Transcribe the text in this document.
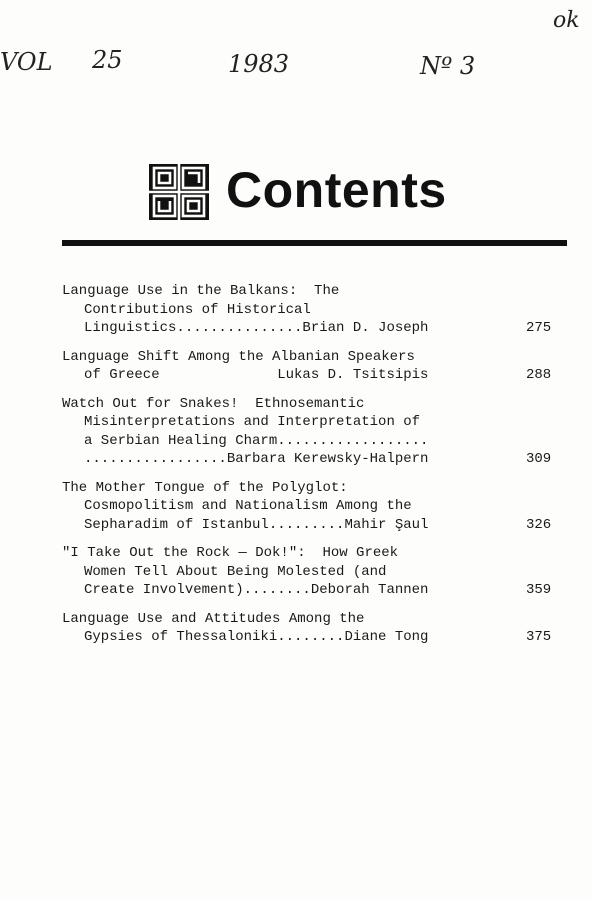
ok
VOL 25	1983	Nº 3
Contents
Language Use in the Balkans:  The
Contributions of Historical
Linguistics...............Brian D. Joseph	275
Language Shift Among the Albanian Speakers
of Greece              Lukas D. Tsitsipis	288
Watch Out for Snakes!  Ethnosemantic
Misinterpretations and Interpretation of
a Serbian Healing Charm..................
.................Barbara Kerewsky-Halpern	309
The Mother Tongue of the Polyglot:
Cosmopolitism and Nationalism Among the
Sepharadim of Istanbul.........Mahir Şaul	326
"I Take Out the Rock — Dok!":  How Greek
Women Tell About Being Molested (and
Create Involvement)........Deborah Tannen	359
Language Use and Attitudes Among the
Gypsies of Thessaloniki........Diane Tong	375
